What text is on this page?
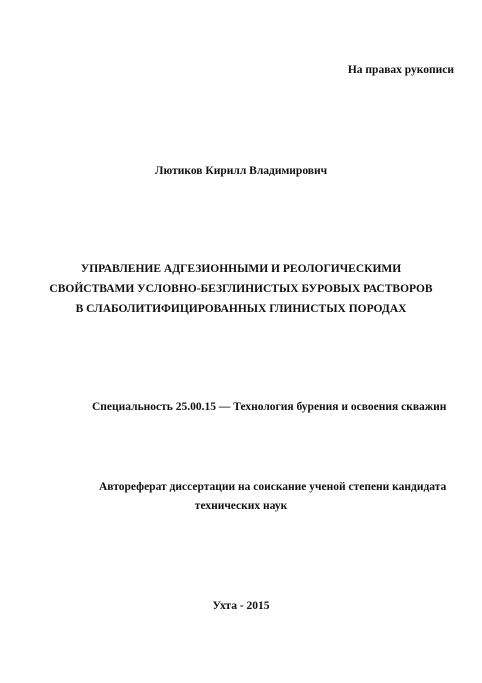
На правах рукописи
Лютиков Кирилл Владимирович
УПРАВЛЕНИЕ АДГЕЗИОННЫМИ И РЕОЛОГИЧЕСКИМИ
СВОЙСТВАМИ УСЛОВНО-БЕЗГЛИНИСТЫХ БУРОВЫХ РАСТВОРОВ
В СЛАБОЛИТИФИЦИРОВАННЫХ ГЛИНИСТЫХ ПОРОДАХ
Специальность 25.00.15 — Технология бурения и освоения скважин
Автореферат диссертации на соискание ученой степени кандидата
технических наук
Ухта - 2015
